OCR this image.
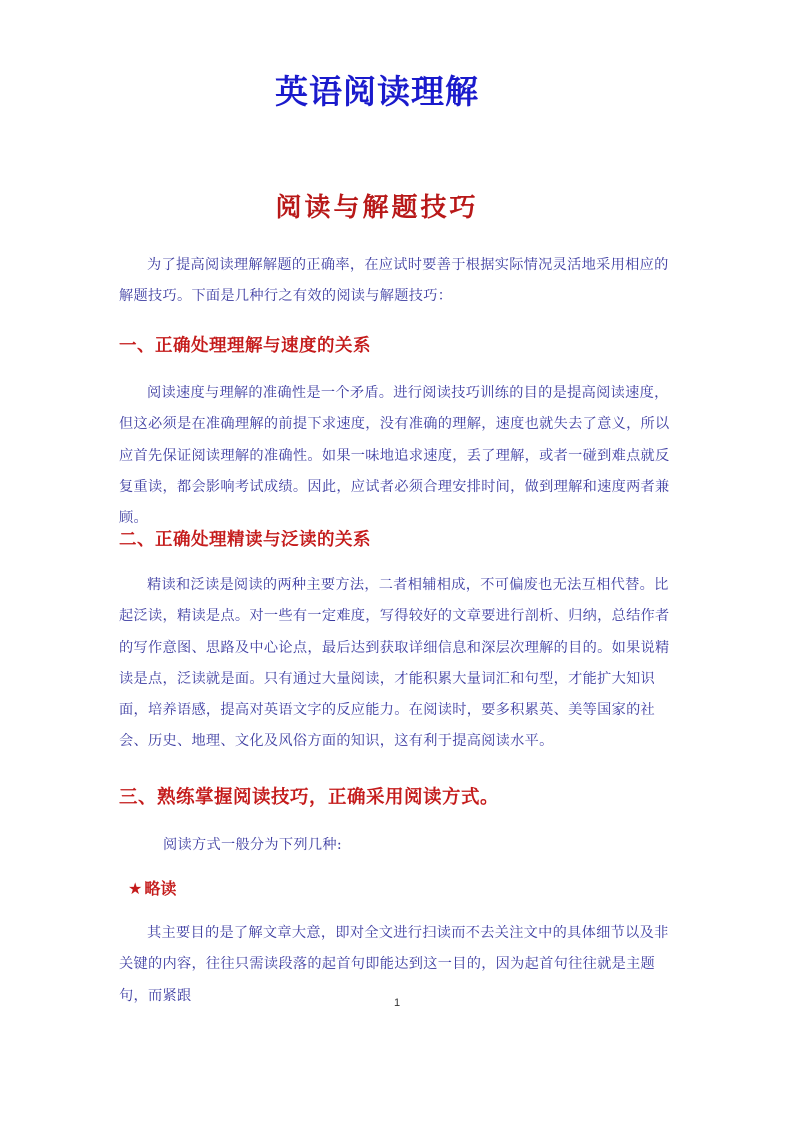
英语阅读理解
阅读与解题技巧
为了提高阅读理解解题的正确率，在应试时要善于根据实际情况灵活地采用相应的解题技巧。下面是几种行之有效的阅读与解题技巧：
一、正确处理理解与速度的关系
阅读速度与理解的准确性是一个矛盾。进行阅读技巧训练的目的是提高阅读速度，但这必须是在准确理解的前提下求速度，没有准确的理解，速度也就失去了意义，所以应首先保证阅读理解的准确性。如果一味地追求速度，丢了理解，或者一碰到难点就反复重读，都会影响考试成绩。因此，应试者必须合理安排时间，做到理解和速度两者兼顾。
二、正确处理精读与泛读的关系
精读和泛读是阅读的两种主要方法，二者相辅相成，不可偏废也无法互相代替。比起泛读，精读是点。对一些有一定难度，写得较好的文章要进行剖析、归纳，总结作者的写作意图、思路及中心论点，最后达到获取详细信息和深层次理解的目的。如果说精读是点，泛读就是面。只有通过大量阅读，才能积累大量词汇和句型，才能扩大知识面，培养语感，提高对英语文字的反应能力。在阅读时，要多积累英、美等国家的社会、历史、地理、文化及风俗方面的知识，这有利于提高阅读水平。
三、熟练掌握阅读技巧，正确采用阅读方式。
阅读方式一般分为下列几种:
★ 略读
其主要目的是了解文章大意，即对全文进行扫读而不去关注文中的具体细节以及非关键的内容，往往只需读段落的起首句即能达到这一目的，因为起首句往往就是主题句，而紧跟	1
